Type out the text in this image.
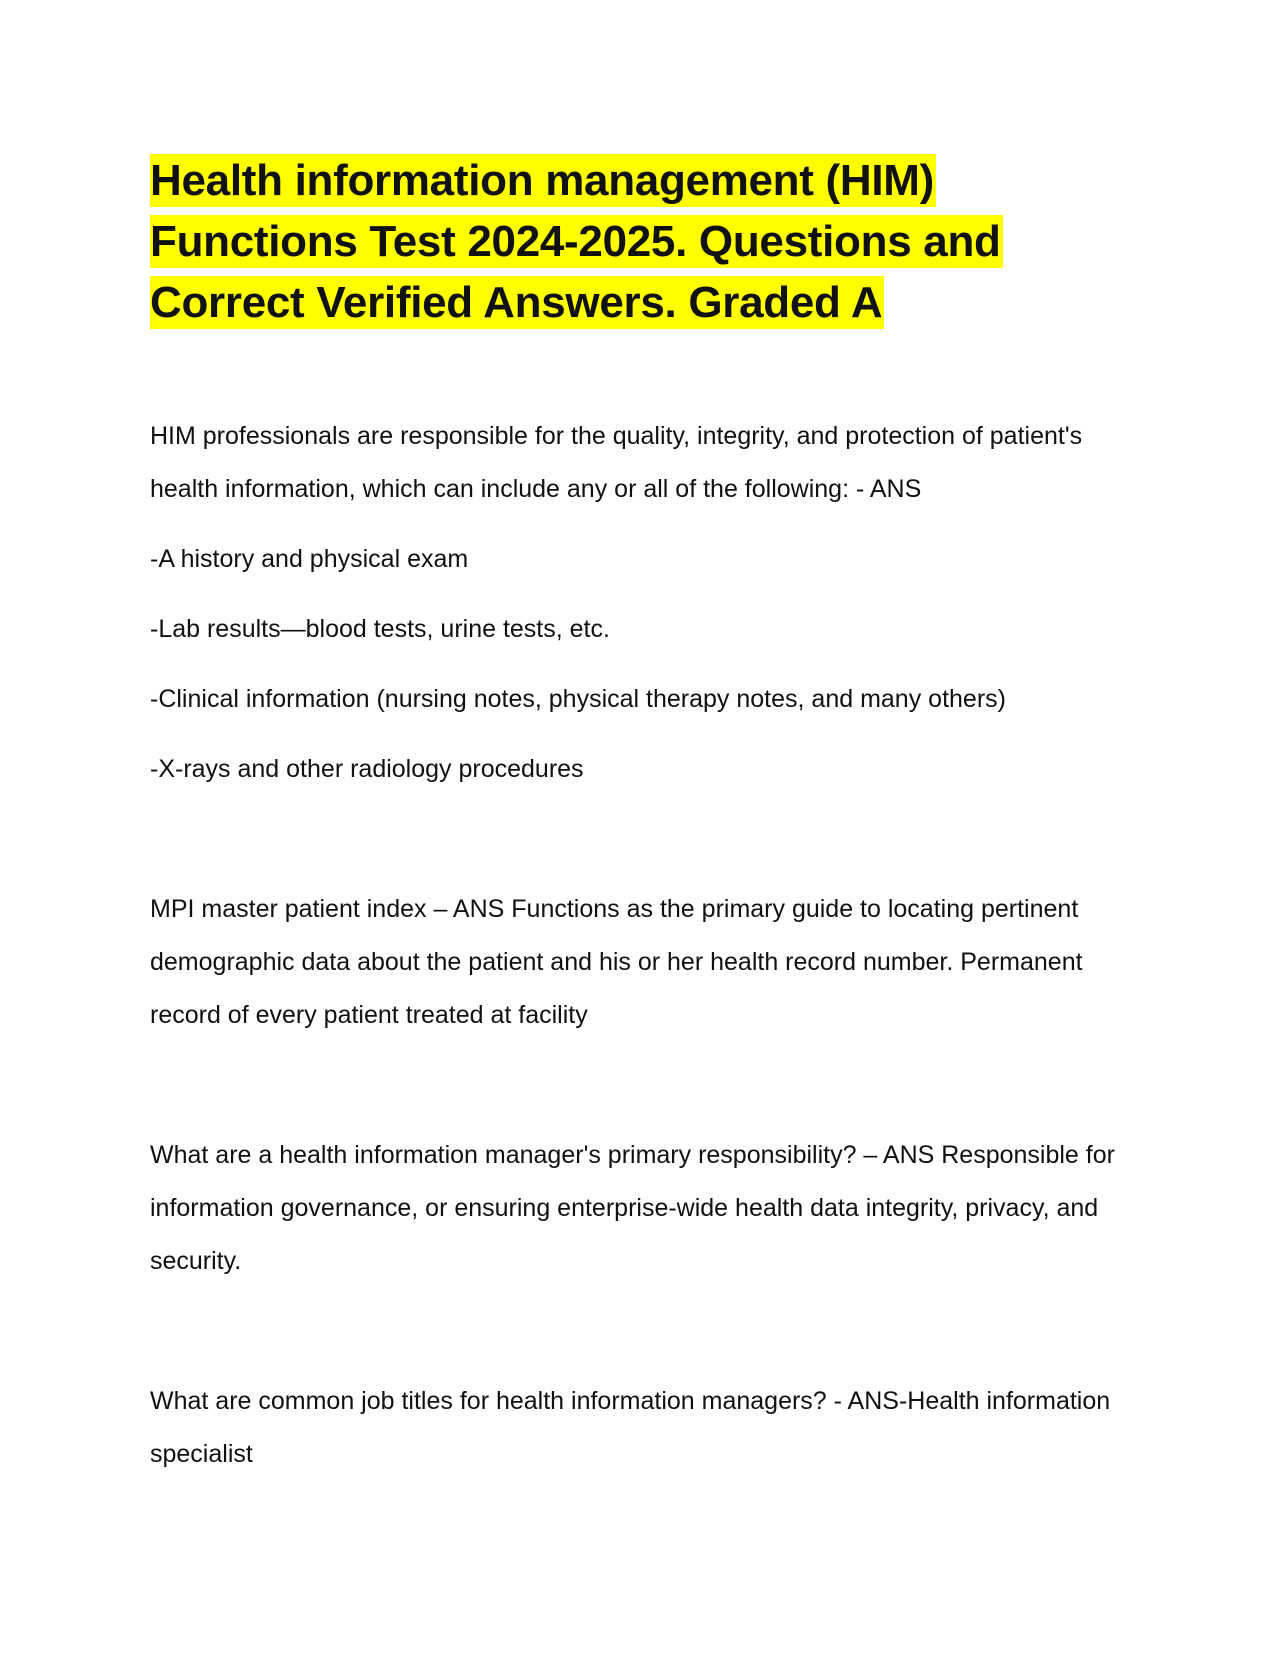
Health information management (HIM) Functions Test 2024-2025. Questions and Correct Verified Answers. Graded A

HIM professionals are responsible for the quality, integrity, and protection of patient's health information, which can include any or all of the following: - ANS

-A history and physical exam

-Lab results—blood tests, urine tests, etc.

-Clinical information (nursing notes, physical therapy notes, and many others)

-X-rays and other radiology procedures

MPI master patient index – ANS Functions as the primary guide to locating pertinent demographic data about the patient and his or her health record number. Permanent record of every patient treated at facility

What are a health information manager's primary responsibility? – ANS Responsible for information governance, or ensuring enterprise-wide health data integrity, privacy, and security.

What are common job titles for health information managers? - ANS-Health information specialist
